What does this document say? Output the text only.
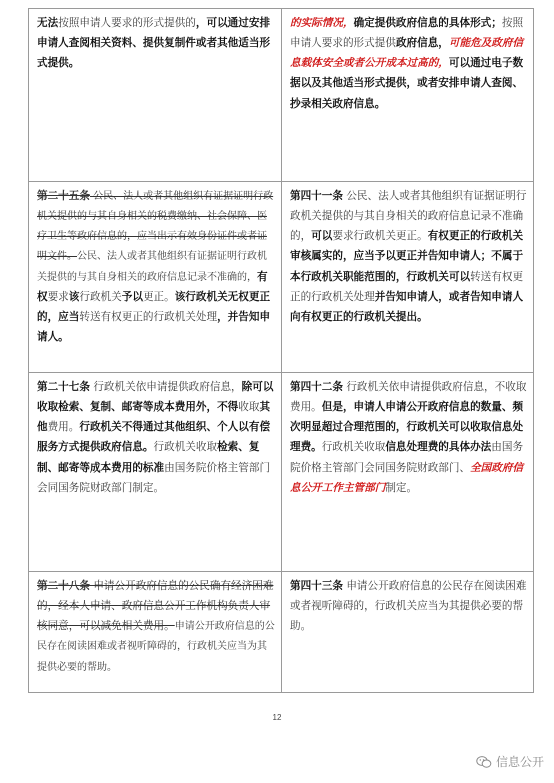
无法按照申请人要求的形式提供的，可以通过安排申请人查阅相关资料、提供复制件或者其他适当形式提供。

的实际情况，确定提供政府信息的具体形式；按照申请人要求的形式提供政府信息，可能危及政府信息载体安全或者公开成本过高的，可以通过电子数据以及其他适当形式提供，或者安排申请人查阅、抄录相关政府信息。

第二十五条 公民、法人或者其他组织有证据证明行政机关提供的与其自身相关的税费缴纳、社会保障、医疗卫生等政府信息的，应当出示有效身份证件或者证明文件。公民、法人或者其他组织有证据证明行政机关提供的与其自身相关的政府信息记录不准确的，有权要求该行政机关予以更正。该行政机关无权更正的，应当转送有权更正的行政机关处理，并告知申请人。

第四十一条 公民、法人或者其他组织有证据证明行政机关提供的与其自身相关的政府信息记录不准确的，可以要求行政机关更正。有权更正的行政机关审核属实的，应当予以更正并告知申请人；不属于本行政机关职能范围的，行政机关可以转送有权更正的行政机关处理并告知申请人，或者告知申请人向有权更正的行政机关提出。

第二十七条 行政机关依申请提供政府信息，除可以收取检索、复制、邮寄等成本费用外，不得收取其他费用。行政机关不得通过其他组织、个人以有偿服务方式提供政府信息。行政机关收取检索、复制、邮寄等成本费用的标准由国务院价格主管部门会同国务院财政部门制定。

第四十二条 行政机关依申请提供政府信息，不收取费用。但是，申请人申请公开政府信息的数量、频次明显超过合理范围的，行政机关可以收取信息处理费。行政机关收取信息处理费的具体办法由国务院价格主管部门会同国务院财政部门、全国政府信息公开工作主管部门制定。

第二十八条 申请公开政府信息的公民确有经济困难的，经本人申请、政府信息公开工作机构负责人审核同意，可以减免相关费用。申请公开政府信息的公民存在阅读困难或者视听障碍的，行政机关应当为其提供必要的帮助。

第四十三条 申请公开政府信息的公民存在阅读困难或者视听障碍的，行政机关应当为其提供必要的帮助。

12
信息公开
